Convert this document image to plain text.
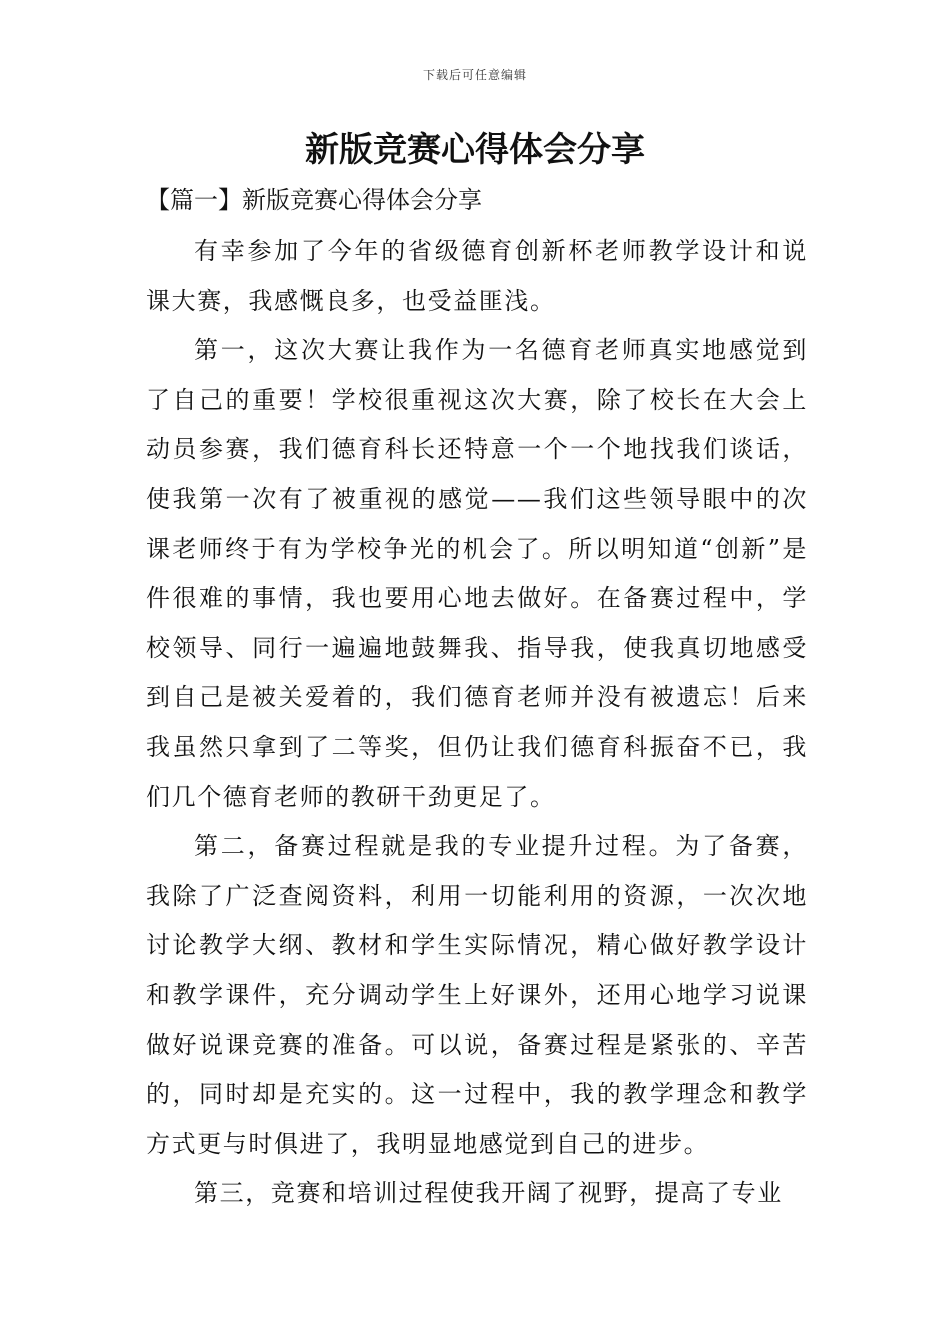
下载后可任意编辑
新版竞赛心得体会分享
【篇一】新版竞赛心得体会分享

有幸参加了今年的省级德育创新杯老师教学设计和说课大赛，我感慨良多，也受益匪浅。

第一，这次大赛让我作为一名德育老师真实地感觉到了自己的重要！学校很重视这次大赛，除了校长在大会上动员参赛，我们德育科长还特意一个一个地找我们谈话，使我第一次有了被重视的感觉——我们这些领导眼中的次课老师终于有为学校争光的机会了。所以明知道“创新”是件很难的事情，我也要用心地去做好。在备赛过程中，学校领导、同行一遍遍地鼓舞我、指导我，使我真切地感受到自己是被关爱着的，我们德育老师并没有被遗忘！后来我虽然只拿到了二等奖，但仍让我们德育科振奋不已，我们几个德育老师的教研干劲更足了。

第二，备赛过程就是我的专业提升过程。为了备赛，我除了广泛查阅资料，利用一切能利用的资源，一次次地讨论教学大纲、教材和学生实际情况，精心做好教学设计和教学课件，充分调动学生上好课外，还用心地学习说课做好说课竞赛的准备。可以说，备赛过程是紧张的、辛苦的，同时却是充实的。这一过程中，我的教学理念和教学方式更与时俱进了，我明显地感觉到自己的进步。

第三，竞赛和培训过程使我开阔了视野，提高了专业
